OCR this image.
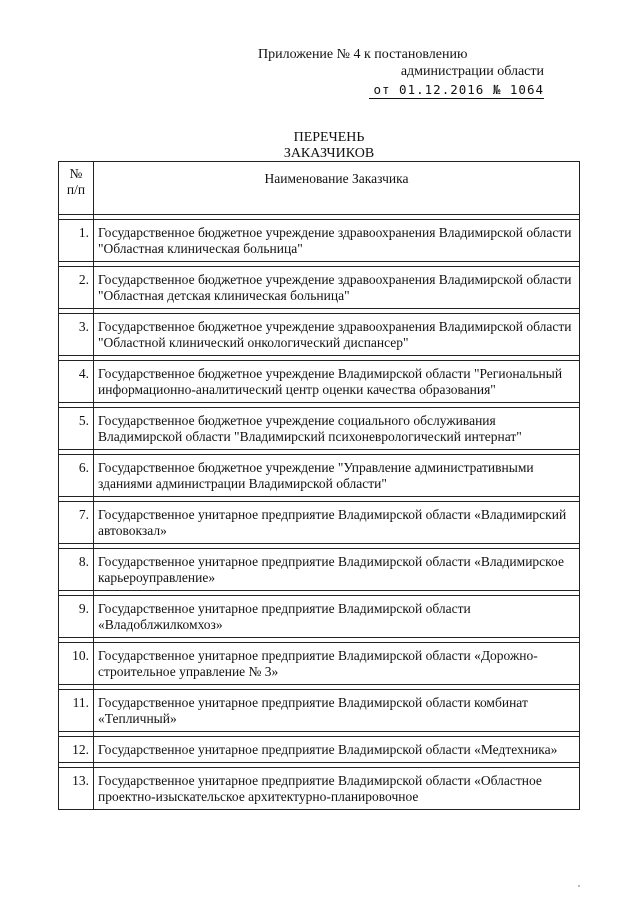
Приложение № 4 к постановлению
администрации области
от 01.12.2016 № 1064
ПЕРЕЧЕНЬ
ЗАКАЗЧИКОВ
№
п/п	Наименование Заказчика

1.	Государственное бюджетное учреждение здравоохранения Владимирской области "Областная клиническая больница"

2.	Государственное бюджетное учреждение здравоохранения Владимирской области "Областная детская клиническая больница"

3.	Государственное бюджетное учреждение здравоохранения Владимирской области "Областной клинический онкологический диспансер"

4.	Государственное бюджетное учреждение Владимирской области "Региональный информационно-аналитический центр оценки качества образования"

5.	Государственное бюджетное учреждение социального обслуживания Владимирской области "Владимирский психоневрологический интернат"

6.	Государственное бюджетное учреждение "Управление административными зданиями администрации Владимирской области"

7.	Государственное унитарное предприятие Владимирской области «Владимирский автовокзал»

8.	Государственное унитарное предприятие Владимирской области «Владимирское карьероуправление»

9.	Государственное унитарное предприятие Владимирской области «Владоблжилкомхоз»

10.	Государственное унитарное предприятие Владимирской области «Дорожно-строительное управление № 3»

11.	Государственное унитарное предприятие Владимирской области комбинат «Тепличный»

12.	Государственное унитарное предприятие Владимирской области «Медтехника»

13.	Государственное унитарное предприятие Владимирской области «Областное проектно-изыскательское архитектурно-планировочное
